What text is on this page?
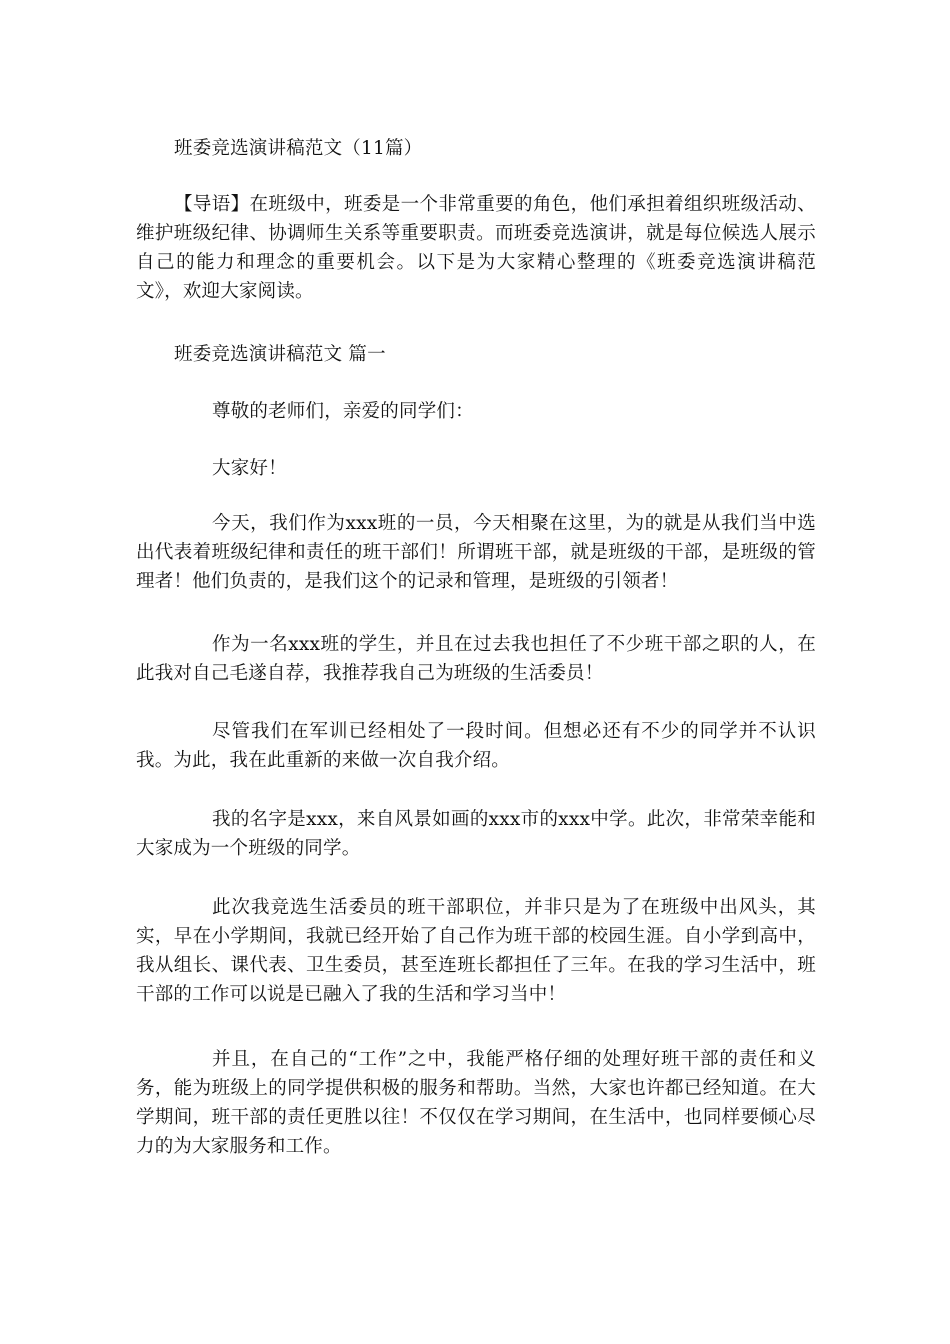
班委竞选演讲稿范文（11篇）

【导语】在班级中，班委是一个非常重要的角色，他们承担着组织班级活动、维护班级纪律、协调师生关系等重要职责。而班委竞选演讲，就是每位候选人展示自己的能力和理念的重要机会。以下是为大家精心整理的《班委竞选演讲稿范文》，欢迎大家阅读。

班委竞选演讲稿范文 篇一

尊敬的老师们，亲爱的同学们：

大家好！

今天，我们作为xxx班的一员，今天相聚在这里，为的就是从我们当中选出代表着班级纪律和责任的班干部们！所谓班干部，就是班级的干部，是班级的管理者！他们负责的，是我们这个的记录和管理，是班级的引领者！

作为一名xxx班的学生，并且在过去我也担任了不少班干部之职的人，在此我对自己毛遂自荐，我推荐我自己为班级的生活委员！

尽管我们在军训已经相处了一段时间。但想必还有不少的同学并不认识我。为此，我在此重新的来做一次自我介绍。

我的名字是xxx，来自风景如画的xxx市的xxx中学。此次，非常荣幸能和大家成为一个班级的同学。

此次我竞选生活委员的班干部职位，并非只是为了在班级中出风头，其实，早在小学期间，我就已经开始了自己作为班干部的校园生涯。自小学到高中，我从组长、课代表、卫生委员，甚至连班长都担任了三年。在我的学习生活中，班干部的工作可以说是已融入了我的生活和学习当中！

并且，在自己的“工作”之中，我能严格仔细的处理好班干部的责任和义务，能为班级上的同学提供积极的服务和帮助。当然，大家也许都已经知道。在大学期间，班干部的责任更胜以往！不仅仅在学习期间，在生活中，也同样要倾心尽力的为大家服务和工作。
